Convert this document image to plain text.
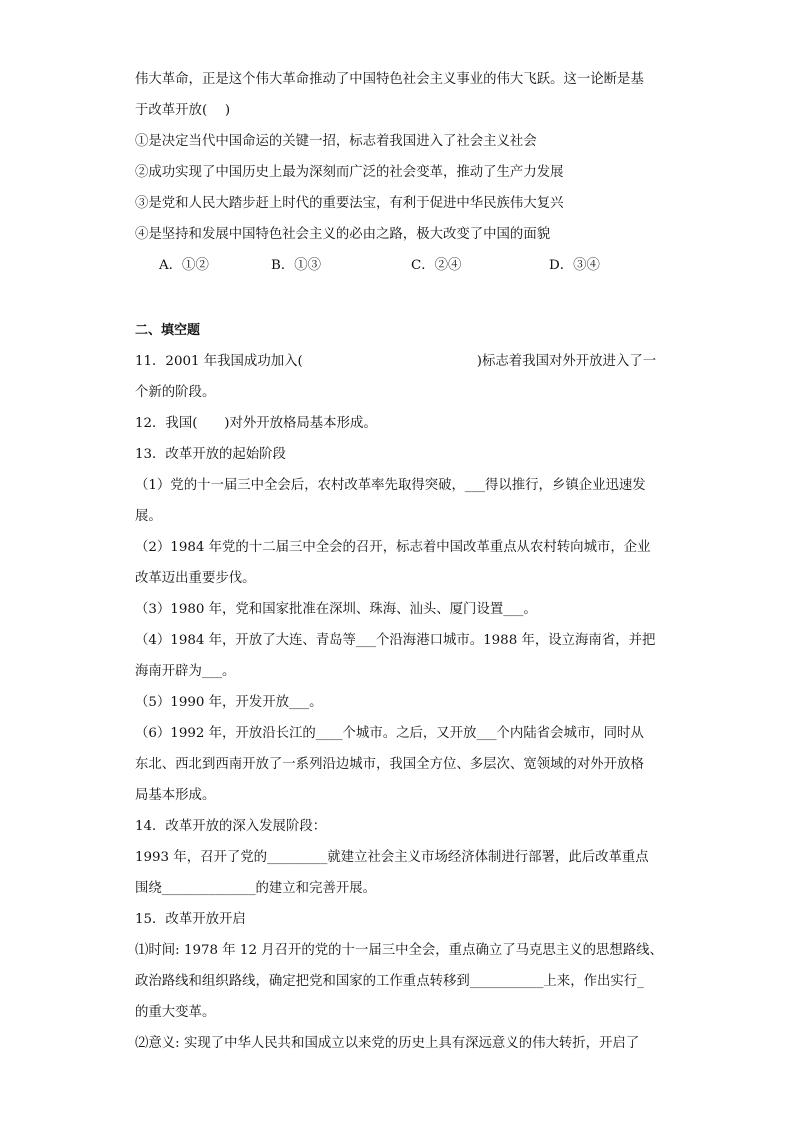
伟大革命，正是这个伟大革命推动了中国特色社会主义事业的伟大飞跃。这一论断是基
于改革开放(　 )
①是决定当代中国命运的关键一招，标志着我国进入了社会主义社会
②成功实现了中国历史上最为深刻而广泛的社会变革，推动了生产力发展
③是党和人民大踏步赶上时代的重要法宝，有利于促进中华民族伟大复兴
④是坚持和发展中国特色社会主义的必由之路，极大改变了中国的面貌
A．①②	B．①③	C．②④	D．③④
二、填空题
11．2001 年我国成功加入(　　　　　　　　　　　　　)标志着我国对外开放进入了一
个新的阶段。
12．我国(　　)对外开放格局基本形成。
13．改革开放的起始阶段
（1）党的十一届三中全会后，农村改革率先取得突破，___得以推行，乡镇企业迅速发
展。
（2）1984 年党的十二届三中全会的召开，标志着中国改革重点从农村转向城市，企业
改革迈出重要步伐。
（3）1980 年，党和国家批准在深圳、珠海、汕头、厦门设置___。
（4）1984 年，开放了大连、青岛等___个沿海港口城市。1988 年，设立海南省，并把
海南开辟为___。
（5）1990 年，开发开放___。
（6）1992 年，开放沿长江的____个城市。之后，又开放___个内陆省会城市，同时从
东北、西北到西南开放了一系列沿边城市，我国全方位、多层次、宽领域的对外开放格
局基本形成。
14．改革开放的深入发展阶段：
1993 年，召开了党的_________就建立社会主义市场经济体制进行部署，此后改革重点
围绕______________的建立和完善开展。
15．改革开放开启
⑴时间: 1978 年 12 月召开的党的十一届三中全会，重点确立了马克思主义的思想路线、
政治路线和组织路线，确定把党和国家的工作重点转移到___________上来，作出实行_
的重大变革。
⑵意义: 实现了中华人民共和国成立以来党的历史上具有深远意义的伟大转折，开启了
